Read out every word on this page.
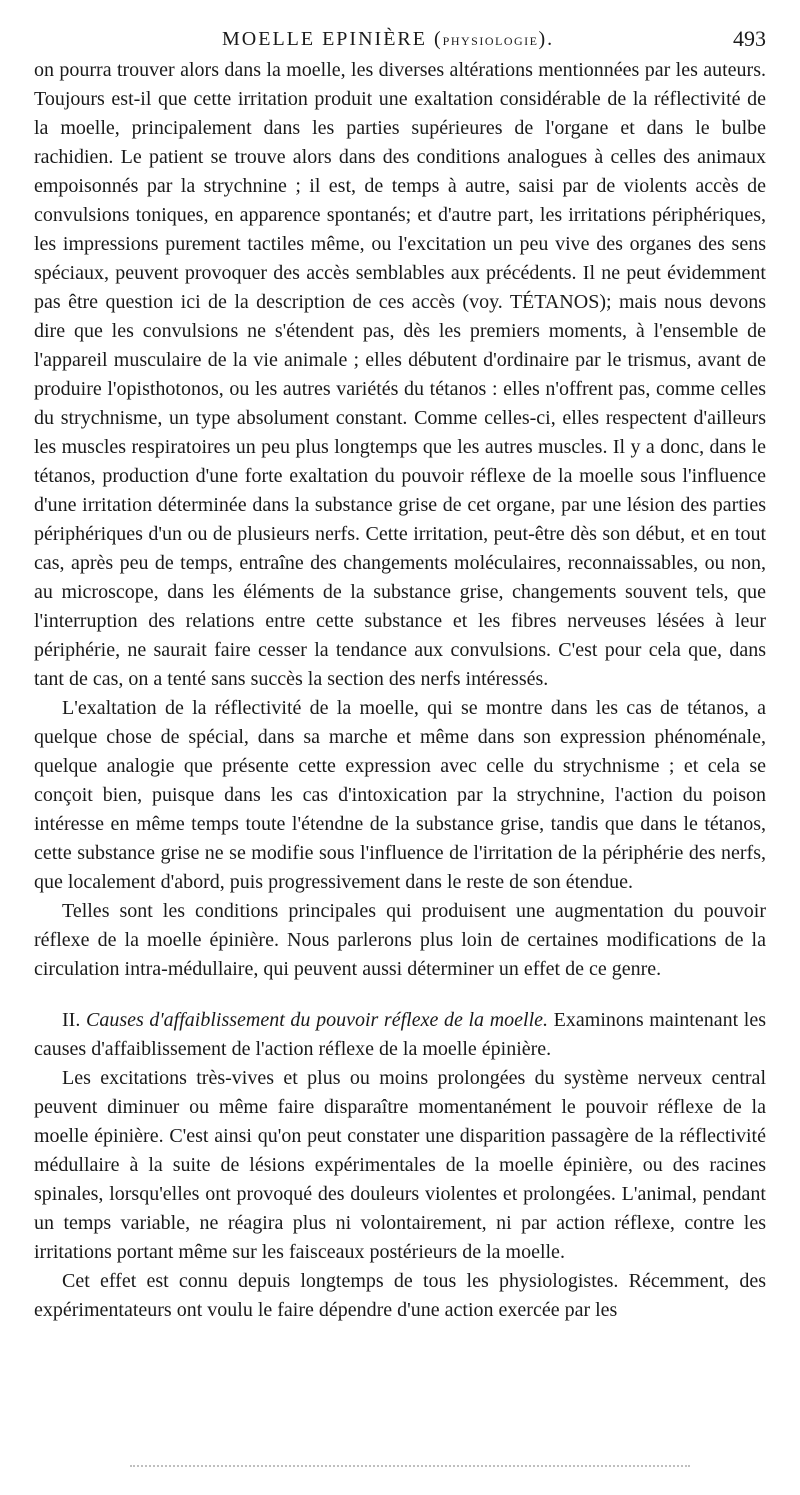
MOELLE EPINIÈRE (PHYSIOLOGIE).	493

on pourra trouver alors dans la moelle, les diverses altérations mentionnées par les auteurs. Toujours est-il que cette irritation produit une exaltation considérable de la réflectivité de la moelle, principalement dans les parties supérieures de l'organe et dans le bulbe rachidien. Le patient se trouve alors dans des conditions analogues à celles des animaux empoisonnés par la strychnine ; il est, de temps à autre, saisi par de violents accès de convulsions toniques, en apparence spontanés; et d'autre part, les irritations périphériques, les impressions purement tactiles même, ou l'excitation un peu vive des organes des sens spéciaux, peuvent provoquer des accès semblables aux précédents. Il ne peut évidemment pas être question ici de la description de ces accès (voy. TÉTANOS); mais nous devons dire que les convulsions ne s'étendent pas, dès les premiers moments, à l'ensemble de l'appareil musculaire de la vie animale ; elles débutent d'ordinaire par le trismus, avant de produire l'opisthotonos, ou les autres variétés du tétanos : elles n'offrent pas, comme celles du strychnisme, un type absolument constant. Comme celles-ci, elles respectent d'ailleurs les muscles respiratoires un peu plus longtemps que les autres muscles. Il y a donc, dans le tétanos, production d'une forte exaltation du pouvoir réflexe de la moelle sous l'influence d'une irritation déterminée dans la substance grise de cet organe, par une lésion des parties périphériques d'un ou de plusieurs nerfs. Cette irritation, peut-être dès son début, et en tout cas, après peu de temps, entraîne des changements moléculaires, reconnaissables, ou non, au microscope, dans les éléments de la substance grise, changements souvent tels, que l'interruption des relations entre cette substance et les fibres nerveuses lésées à leur périphérie, ne saurait faire cesser la tendance aux convulsions. C'est pour cela que, dans tant de cas, on a tenté sans succès la section des nerfs intéressés.

L'exaltation de la réflectivité de la moelle, qui se montre dans les cas de tétanos, a quelque chose de spécial, dans sa marche et même dans son expression phénoménale, quelque analogie que présente cette expression avec celle du strychnisme ; et cela se conçoit bien, puisque dans les cas d'intoxication par la strychnine, l'action du poison intéresse en même temps toute l'étendne de la substance grise, tandis que dans le tétanos, cette substance grise ne se modifie sous l'influence de l'irritation de la périphérie des nerfs, que localement d'abord, puis progressivement dans le reste de son étendue.

Telles sont les conditions principales qui produisent une augmentation du pouvoir réflexe de la moelle épinière. Nous parlerons plus loin de certaines modifications de la circulation intra-médullaire, qui peuvent aussi déterminer un effet de ce genre.

II. Causes d'affaiblissement du pouvoir réflexe de la moelle. Examinons maintenant les causes d'affaiblissement de l'action réflexe de la moelle épinière.

Les excitations très-vives et plus ou moins prolongées du système nerveux central peuvent diminuer ou même faire disparaître momentanément le pouvoir réflexe de la moelle épinière. C'est ainsi qu'on peut constater une disparition passagère de la réflectivité médullaire à la suite de lésions expérimentales de la moelle épinière, ou des racines spinales, lorsqu'elles ont provoqué des douleurs violentes et prolongées. L'animal, pendant un temps variable, ne réagira plus ni volontairement, ni par action réflexe, contre les irritations portant même sur les faisceaux postérieurs de la moelle.

Cet effet est connu depuis longtemps de tous les physiologistes. Récemment, des expérimentateurs ont voulu le faire dépendre d'une action exercée par les
